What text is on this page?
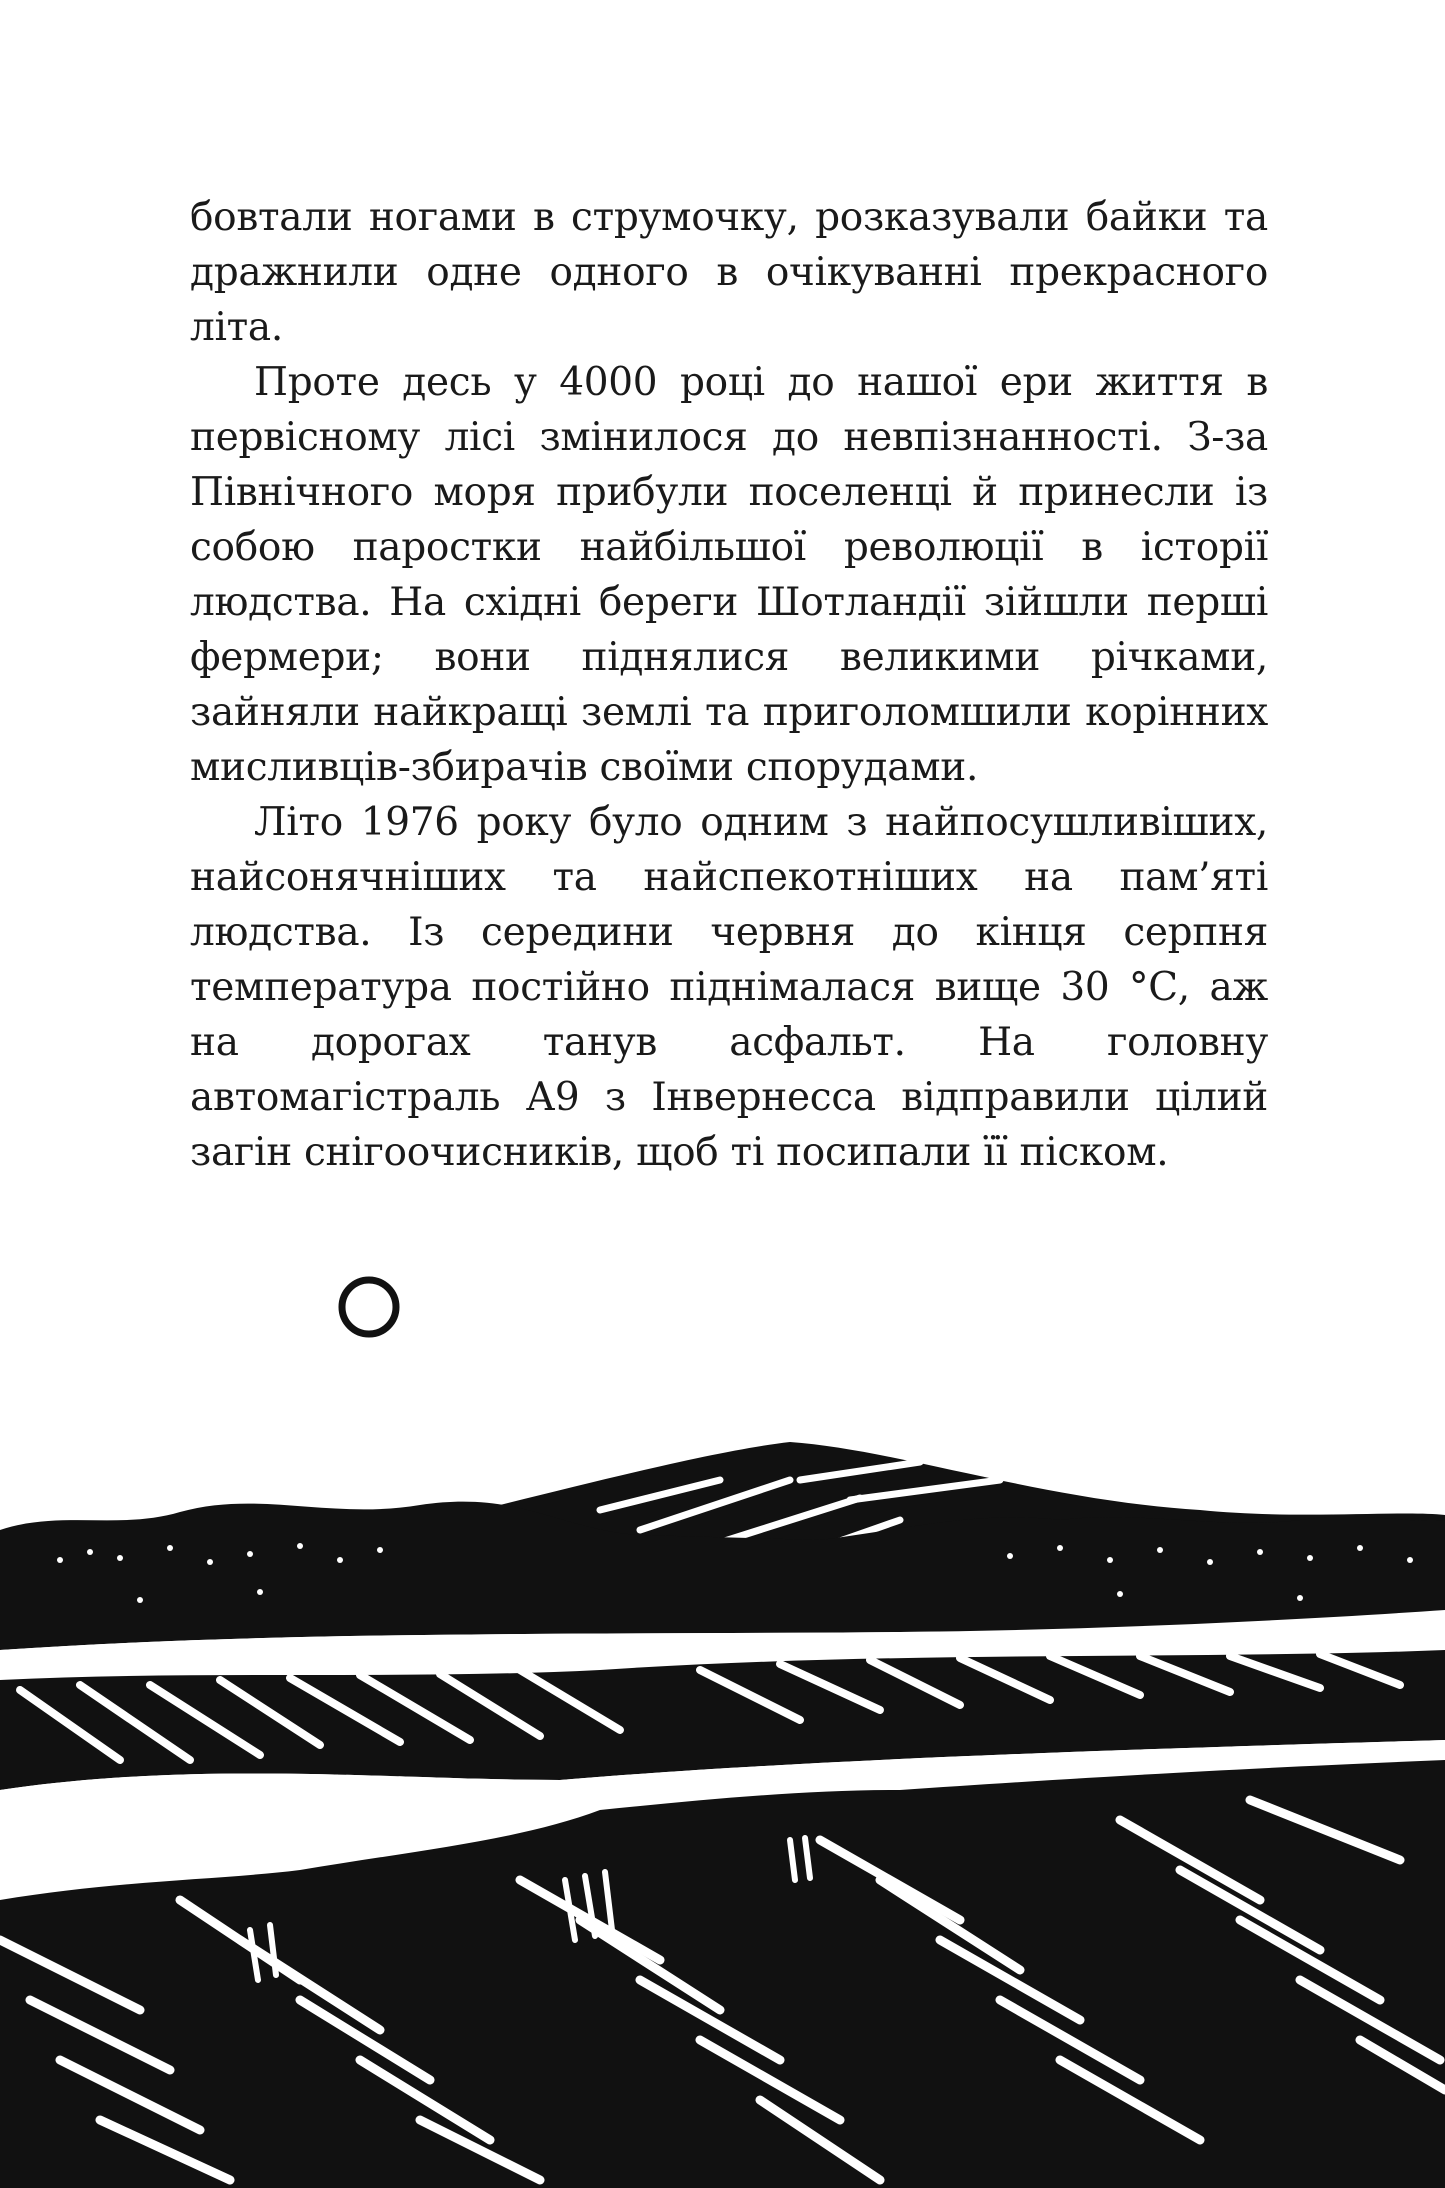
бовтали ногами в струмочку, розказували байки та дражнили одне одного в очікуванні прекрасного літа.

Проте десь у 4000 році до нашої ери життя в первісному лісі змінилося до невпізнанності. З-за Північного моря прибули поселенці й принесли із собою паростки найбільшої революції в історії людства. На східні береги Шотландії зійшли перші фермери; вони піднялися великими річками, зайняли найкращі землі та приголомшили корінних мисливців-збирачів своїми спорудами.

Літо 1976 року було одним з найпосушливіших, найсонячніших та найспекотніших на пам’яті людства. Із середини червня до кінця серпня температура постійно піднімалася вище 30 °С, аж на дорогах танув асфальт. На головну автомагістраль А9 з Інвернесса відправили цілий загін снігоочисників, щоб ті посипали її піском.
